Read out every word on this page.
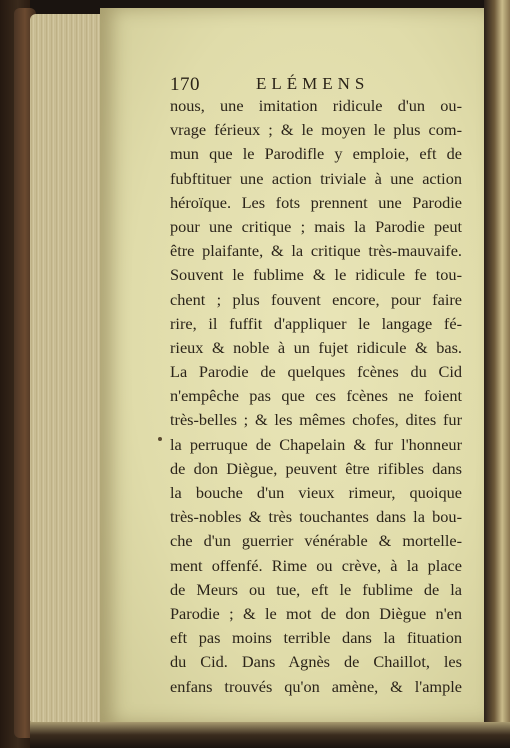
170	ELÉMENS
nous, une imitation ridicule d'un ou-
vrage férieux ; & le moyen le plus com-
mun que le Parodifle y emploie, eft de
fubftituer une action triviale à une action
héroïque. Les fots prennent une Parodie
pour une critique ; mais la Parodie peut
être plaifante, & la critique très-mauvaife.
Souvent le fublime & le ridicule fe tou-
chent ; plus fouvent encore, pour faire
rire, il fuffit d'appliquer le langage fé-
rieux & noble à un fujet ridicule & bas.
La Parodie de quelques fcènes du Cid
n'empêche pas que ces fcènes ne foient
très-belles ; & les mêmes chofes, dites fur
la perruque de Chapelain & fur l'honneur
de don Diègue, peuvent être rifibles dans
la bouche d'un vieux rimeur, quoique
très-nobles & très touchantes dans la bou-
che d'un guerrier vénérable & mortelle-
ment offenfé. Rime ou crève, à la place
de Meurs ou tue, eft le fublime de la
Parodie ; & le mot de don Diègue n'en
eft pas moins terrible dans la fituation
du Cid. Dans Agnès de Chaillot, les
enfans trouvés qu'on amène, & l'ample
